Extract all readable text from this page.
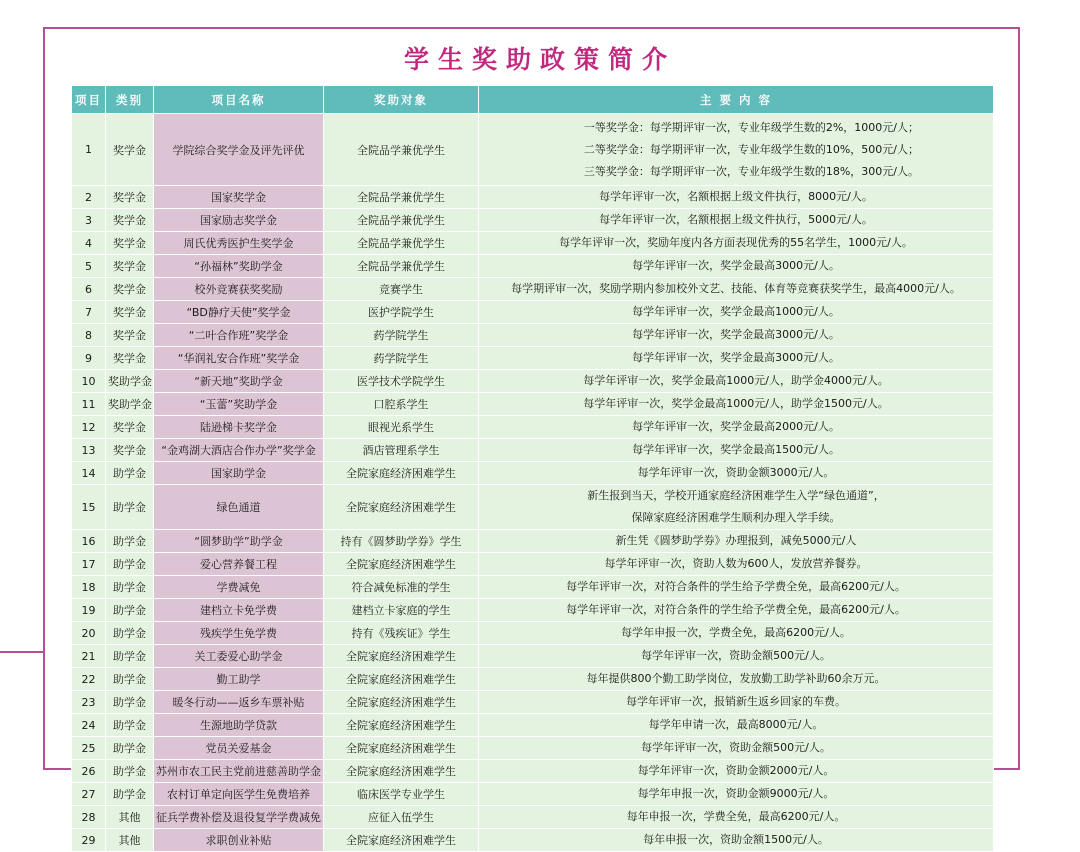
学生奖助政策简介
项目	类别	项目名称	奖助对象	主 要 内 容
1	奖学金	学院综合奖学金及评先评优	全院品学兼优学生	一等奖学金：每学期评审一次，专业年级学生数的2%，1000元/人；
二等奖学金：每学期评审一次，专业年级学生数的10%，500元/人；
三等奖学金：每学期评审一次，专业年级学生数的18%，300元/人。

2	奖学金	国家奖学金	全院品学兼优学生	每学年评审一次，名额根据上级文件执行，8000元/人。

3	奖学金	国家励志奖学金	全院品学兼优学生	每学年评审一次，名额根据上级文件执行，5000元/人。

4	奖学金	周氏优秀医护生奖学金	全院品学兼优学生	每学年评审一次，奖励年度内各方面表现优秀的55名学生，1000元/人。

5	奖学金	“孙福林”奖助学金	全院品学兼优学生	每学年评审一次，奖学金最高3000元/人。

6	奖学金	校外竞赛获奖奖励	竞赛学生	每学期评审一次，奖励学期内参加校外文艺、技能、体育等竞赛获奖学生，最高4000元/人。

7	奖学金	“BD静疗天使”奖学金	医护学院学生	每学年评审一次，奖学金最高1000元/人。

8	奖学金	“二叶合作班”奖学金	药学院学生	每学年评审一次，奖学金最高3000元/人。

9	奖学金	“华润礼安合作班”奖学金	药学院学生	每学年评审一次，奖学金最高3000元/人。

10	奖助学金	“新天地”奖助学金	医学技术学院学生	每学年评审一次，奖学金最高1000元/人，助学金4000元/人。

11	奖助学金	“玉蕾”奖助学金	口腔系学生	每学年评审一次，奖学金最高1000元/人，助学金1500元/人。

12	奖学金	陆逊梯卡奖学金	眼视光系学生	每学年评审一次，奖学金最高2000元/人。

13	奖学金	“金鸡湖大酒店合作办学”奖学金	酒店管理系学生	每学年评审一次，奖学金最高1500元/人。

14	助学金	国家助学金	全院家庭经济困难学生	每学年评审一次，资助金额3000元/人。

15	助学金	绿色通道	全院家庭经济困难学生	新生报到当天，学校开通家庭经济困难学生入学“绿色通道”，
保障家庭经济困难学生顺利办理入学手续。

16	助学金	“圆梦助学”助学金	持有《圆梦助学券》学生	新生凭《圆梦助学券》办理报到，减免5000元/人

17	助学金	爱心营养餐工程	全院家庭经济困难学生	每学年评审一次，资助人数为600人，发放营养餐券。

18	助学金	学费减免	符合减免标准的学生	每学年评审一次，对符合条件的学生给予学费全免，最高6200元/人。

19	助学金	建档立卡免学费	建档立卡家庭的学生	每学年评审一次，对符合条件的学生给予学费全免，最高6200元/人。

20	助学金	残疾学生免学费	持有《残疾证》学生	每学年申报一次，学费全免，最高6200元/人。

21	助学金	关工委爱心助学金	全院家庭经济困难学生	每学年评审一次，资助金额500元/人。

22	助学金	勤工助学	全院家庭经济困难学生	每年提供800个勤工助学岗位，发放勤工助学补助60余万元。

23	助学金	暖冬行动——返乡车票补贴	全院家庭经济困难学生	每学年评审一次，报销新生返乡回家的车费。

24	助学金	生源地助学贷款	全院家庭经济困难学生	每学年申请一次，最高8000元/人。

25	助学金	党员关爱基金	全院家庭经济困难学生	每学年评审一次，资助金额500元/人。

26	助学金	苏州市农工民主党前进慈善助学金	全院家庭经济困难学生	每学年评审一次，资助金额2000元/人。

27	助学金	农村订单定向医学生免费培养	临床医学专业学生	每学年申报一次，资助金额9000元/人。

28	其他	征兵学费补偿及退役复学学费减免	应征入伍学生	每年申报一次，学费全免，最高6200元/人。

29	其他	求职创业补贴	全院家庭经济困难学生	每年申报一次，资助金额1500元/人。
